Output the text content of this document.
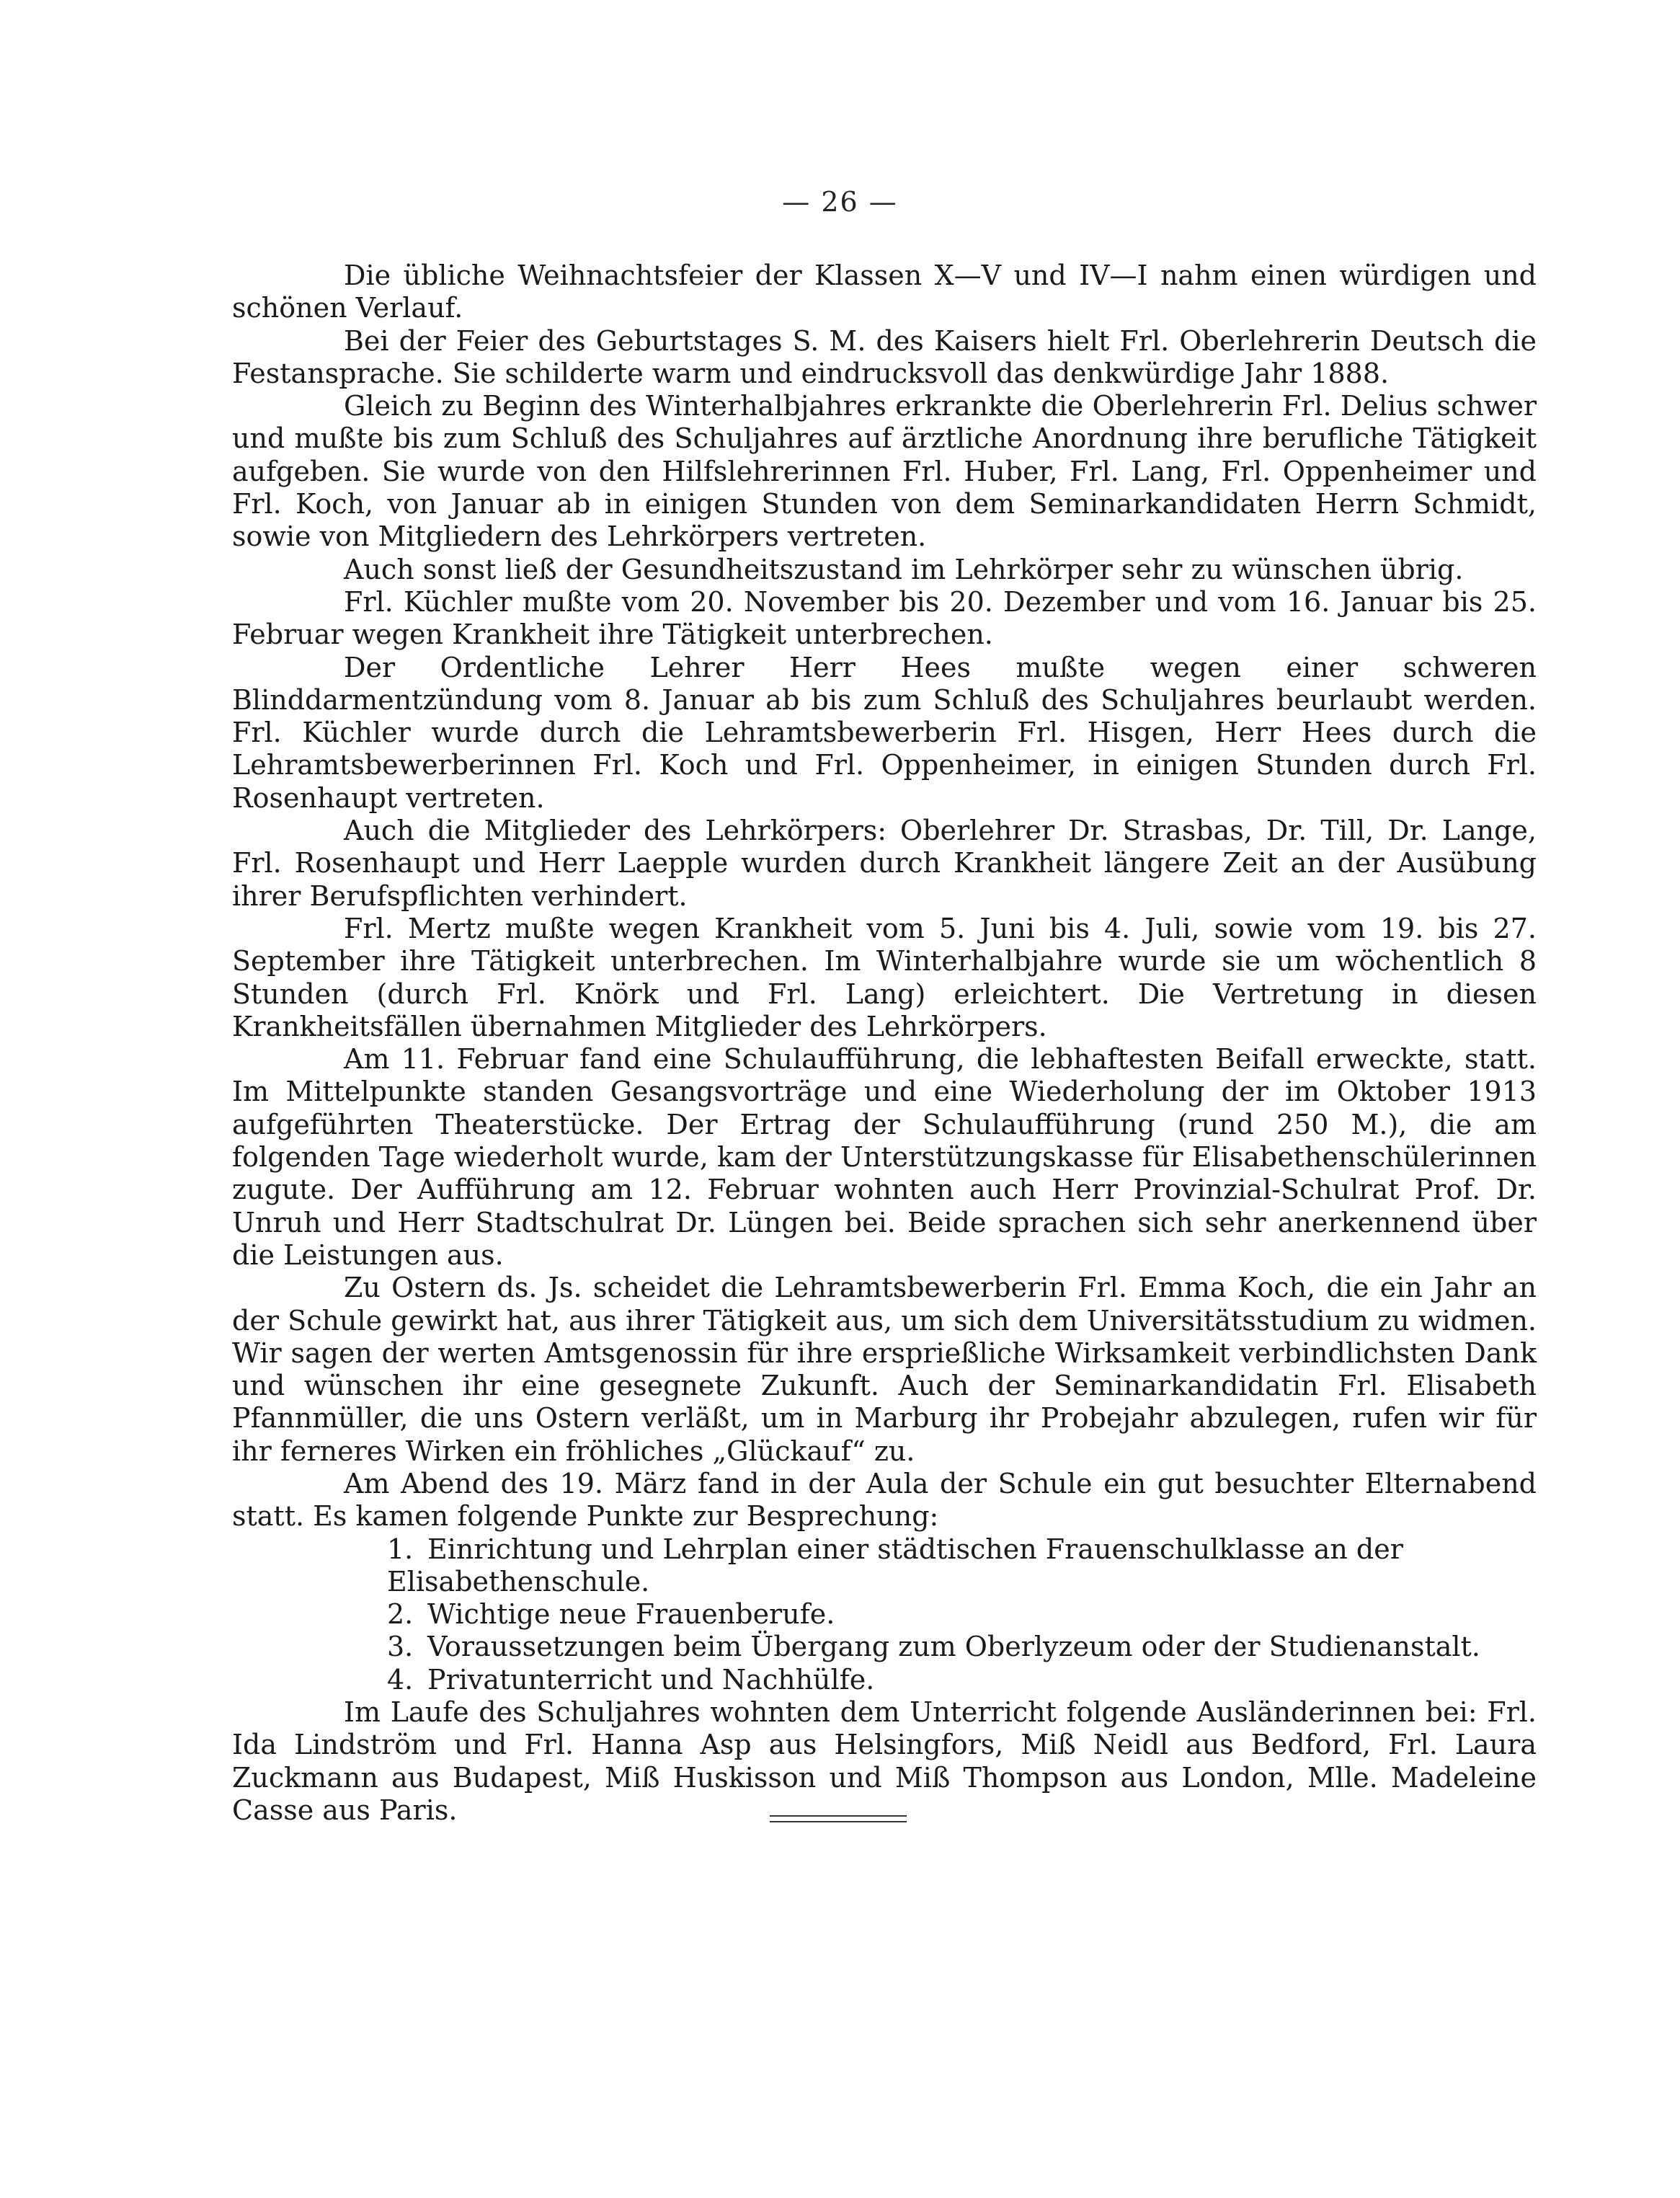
— 26 —

Die übliche Weihnachtsfeier der Klassen X—V und IV—I nahm einen würdigen und schönen Verlauf.

Bei der Feier des Geburtstages S. M. des Kaisers hielt Frl. Oberlehrerin Deutsch die Festansprache. Sie schilderte warm und eindrucksvoll das denkwürdige Jahr 1888.

Gleich zu Beginn des Winterhalbjahres erkrankte die Oberlehrerin Frl. Delius schwer und mußte bis zum Schluß des Schuljahres auf ärztliche Anordnung ihre berufliche Tätigkeit aufgeben. Sie wurde von den Hilfslehrerinnen Frl. Huber, Frl. Lang, Frl. Oppenheimer und Frl. Koch, von Januar ab in einigen Stunden von dem Seminarkandidaten Herrn Schmidt, sowie von Mitgliedern des Lehrkörpers vertreten.

Auch sonst ließ der Gesundheitszustand im Lehrkörper sehr zu wünschen übrig.

Frl. Küchler mußte vom 20. November bis 20. Dezember und vom 16. Januar bis 25. Februar wegen Krankheit ihre Tätigkeit unterbrechen.

Der Ordentliche Lehrer Herr Hees mußte wegen einer schweren Blinddarmentzündung vom 8. Januar ab bis zum Schluß des Schuljahres beurlaubt werden. Frl. Küchler wurde durch die Lehramtsbewerberin Frl. Hisgen, Herr Hees durch die Lehramtsbewerberinnen Frl. Koch und Frl. Oppenheimer, in einigen Stunden durch Frl. Rosenhaupt vertreten.

Auch die Mitglieder des Lehrkörpers: Oberlehrer Dr. Strasbas, Dr. Till, Dr. Lange, Frl. Rosenhaupt und Herr Laepple wurden durch Krankheit längere Zeit an der Ausübung ihrer Berufspflichten verhindert.

Frl. Mertz mußte wegen Krankheit vom 5. Juni bis 4. Juli, sowie vom 19. bis 27. September ihre Tätigkeit unterbrechen. Im Winterhalbjahre wurde sie um wöchentlich 8 Stunden (durch Frl. Knörk und Frl. Lang) erleichtert. Die Vertretung in diesen Krankheitsfällen übernahmen Mitglieder des Lehrkörpers.

Am 11. Februar fand eine Schulaufführung, die lebhaftesten Beifall erweckte, statt. Im Mittelpunkte standen Gesangsvorträge und eine Wiederholung der im Oktober 1913 aufgeführten Theaterstücke. Der Ertrag der Schulaufführung (rund 250 M.), die am folgenden Tage wiederholt wurde, kam der Unterstützungskasse für Elisabethenschülerinnen zugute. Der Aufführung am 12. Februar wohnten auch Herr Provinzial-Schulrat Prof. Dr. Unruh und Herr Stadtschulrat Dr. Lüngen bei. Beide sprachen sich sehr anerkennend über die Leistungen aus.

Zu Ostern ds. Js. scheidet die Lehramtsbewerberin Frl. Emma Koch, die ein Jahr an der Schule gewirkt hat, aus ihrer Tätigkeit aus, um sich dem Universitätsstudium zu widmen. Wir sagen der werten Amtsgenossin für ihre ersprießliche Wirksamkeit verbindlichsten Dank und wünschen ihr eine gesegnete Zukunft. Auch der Seminarkandidatin Frl. Elisabeth Pfannmüller, die uns Ostern verläßt, um in Marburg ihr Probejahr abzulegen, rufen wir für ihr ferneres Wirken ein fröhliches „Glückauf“ zu.

Am Abend des 19. März fand in der Aula der Schule ein gut besuchter Elternabend statt. Es kamen folgende Punkte zur Besprechung:

1. Einrichtung und Lehrplan einer städtischen Frauenschulklasse an der Elisabethenschule.
2. Wichtige neue Frauenberufe.
3. Voraussetzungen beim Übergang zum Oberlyzeum oder der Studienanstalt.
4. Privatunterricht und Nachhülfe.

Im Laufe des Schuljahres wohnten dem Unterricht folgende Ausländerinnen bei: Frl. Ida Lindström und Frl. Hanna Asp aus Helsingfors, Miß Neidl aus Bedford, Frl. Laura Zuckmann aus Budapest, Miß Huskisson und Miß Thompson aus London, Mlle. Madeleine Casse aus Paris.
